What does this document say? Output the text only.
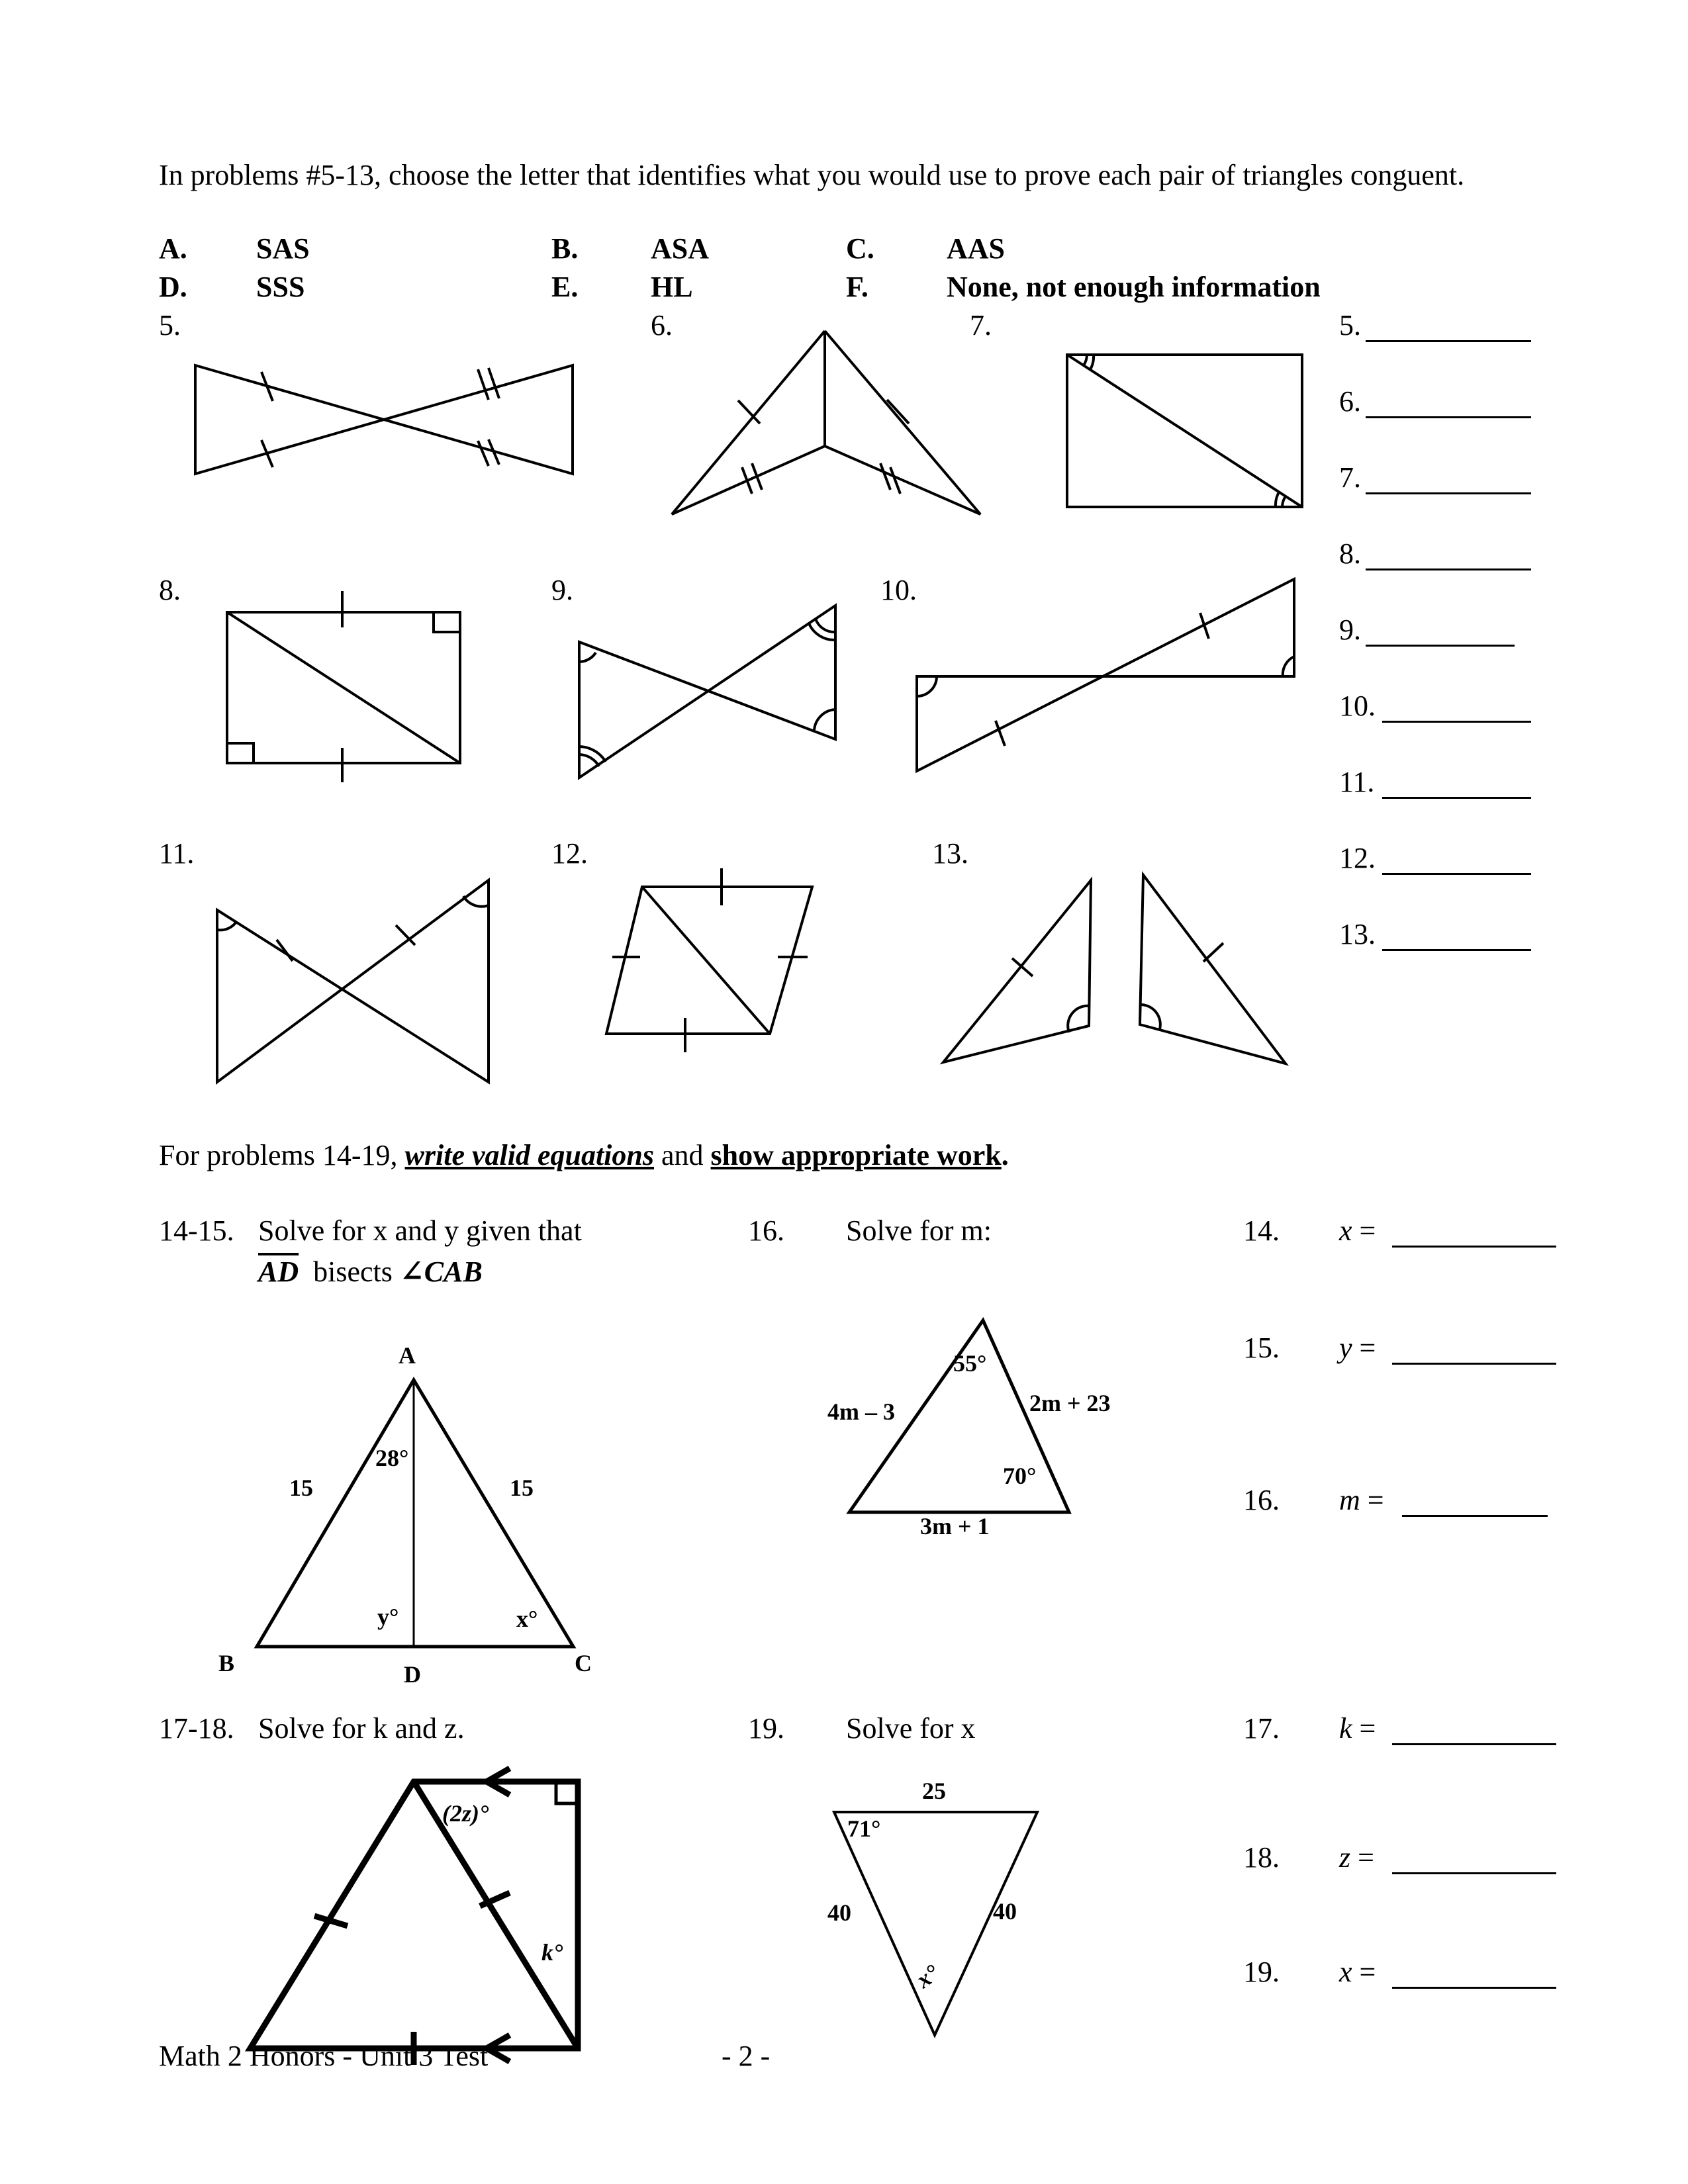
In problems #5-13, choose the letter that identifies what you would use to prove each pair of triangles conguent.
A. SAS	B. ASA	C. AAS
D. SSS	E. HL	F.	None, not enough information
5.	6.	7.
8.	9.	10.
11.	12.	13.
5.
6.
7.
8.
9.
10.
11.
12.
13.
For problems 14-19, write valid equations and show appropriate work.
14-15. Solve for x and y given that
$\overline{AD}$ bisects ∠CAB
16. Solve for m:
17-18. Solve for k and z.	19. Solve for x
14. x =
15. y =
16. m =
17. k =
18. z =
19. x =
A
B	C
D
15	15
28°
y°	x°
55°
4m – 3	2m + 23
70°
3m + 1
(2z)°
k°
25
71°
40	40
x°
Math 2 Honors - Unit 3 Test	- 2 -
